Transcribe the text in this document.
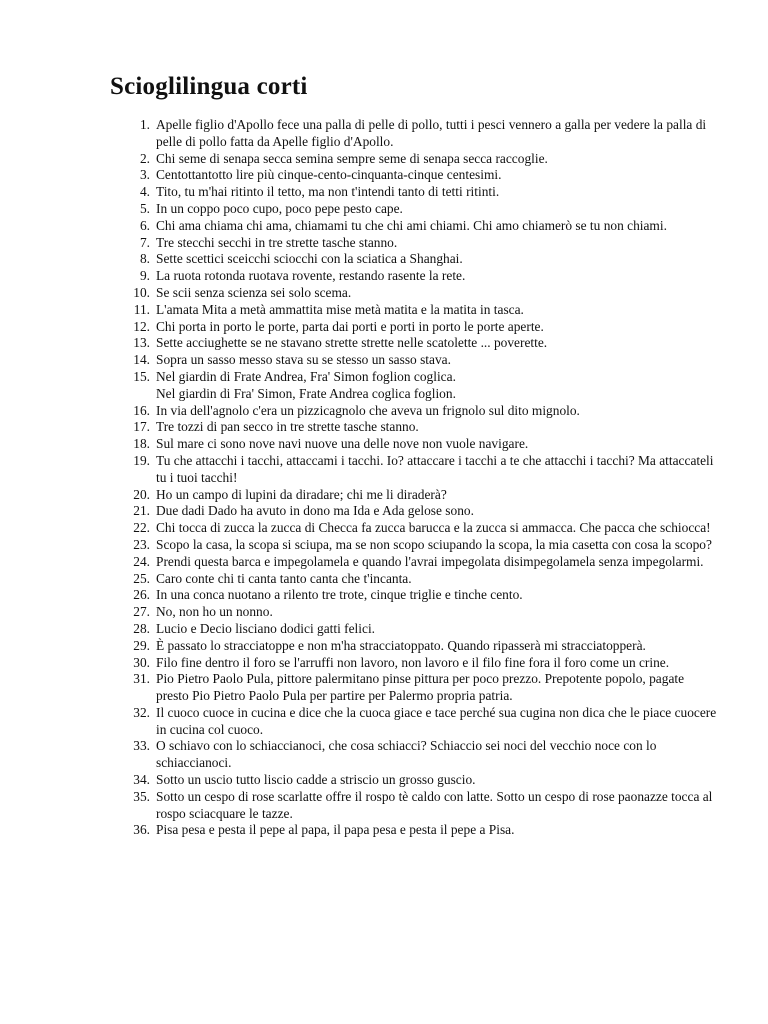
Scioglilingua corti
1. Apelle figlio d'Apollo fece una palla di pelle di pollo, tutti i pesci vennero a galla per vedere la palla di pelle di pollo fatta da Apelle figlio d'Apollo.
2. Chi seme di senapa secca semina sempre seme di senapa secca raccoglie.
3. Centottantotto lire più cinque-cento-cinquanta-cinque centesimi.
4. Tito, tu m'hai ritinto il tetto, ma non t'intendi tanto di tetti ritinti.
5. In un coppo poco cupo, poco pepe pesto cape.
6. Chi ama chiama chi ama, chiamami tu che chi ami chiami. Chi amo chiamerò se tu non chiami.
7. Tre stecchi secchi in tre strette tasche stanno.
8. Sette scettici sceicchi sciocchi con la sciatica a Shanghai.
9. La ruota rotonda ruotava rovente, restando rasente la rete.
10. Se scii senza scienza sei solo scema.
11. L'amata Mita a metà ammattita mise metà matita e la matita in tasca.
12. Chi porta in porto le porte, parta dai porti e porti in porto le porte aperte.
13. Sette acciughette se ne stavano strette strette nelle scatolette ... poverette.
14. Sopra un sasso messo stava su se stesso un sasso stava.
15. Nel giardin di Frate Andrea, Fra' Simon foglion coglica.
Nel giardin di Fra' Simon, Frate Andrea coglica foglion.
16. In via dell'agnolo c'era un pizzicagnolo che aveva un frignolo sul dito mignolo.
17. Tre tozzi di pan secco in tre strette tasche stanno.
18. Sul mare ci sono nove navi nuove una delle nove non vuole navigare.
19. Tu che attacchi i tacchi, attaccami i tacchi. Io? attaccare i tacchi a te che attacchi i tacchi? Ma attaccateli tu i tuoi tacchi!
20. Ho un campo di lupini da diradare; chi me li diraderà?
21. Due dadi Dado ha avuto in dono ma Ida e Ada gelose sono.
22. Chi tocca di zucca la zucca di Checca fa zucca barucca e la zucca si ammacca. Che pacca che schiocca!
23. Scopo la casa, la scopa si sciupa, ma se non scopo sciupando la scopa, la mia casetta con cosa la scopo?
24. Prendi questa barca e impegolamela e quando l'avrai impegolata disimpegolamela senza impegolarmi.
25. Caro conte chi ti canta tanto canta che t'incanta.
26. In una conca nuotano a rilento tre trote, cinque triglie e tinche cento.
27. No, non ho un nonno.
28. Lucio e Decio lisciano dodici gatti felici.
29. È passato lo stracciatoppe e non m'ha stracciatoppato. Quando ripasserà mi stracciatopperà.
30. Filo fine dentro il foro se l'arruffi non lavoro, non lavoro e il filo fine fora il foro come un crine.
31. Pio Pietro Paolo Pula, pittore palermitano pinse pittura per poco prezzo. Prepotente popolo, pagate presto Pio Pietro Paolo Pula per partire per Palermo propria patria.
32. Il cuoco cuoce in cucina e dice che la cuoca giace e tace perché sua cugina non dica che le piace cuocere in cucina col cuoco.
33. O schiavo con lo schiaccianoci, che cosa schiacci? Schiaccio sei noci del vecchio noce con lo schiaccianoci.
34. Sotto un uscio tutto liscio cadde a striscio un grosso guscio.
35. Sotto un cespo di rose scarlatte offre il rospo tè caldo con latte. Sotto un cespo di rose paonazze tocca al rospo sciacquare le tazze.
36. Pisa pesa e pesta il pepe al papa, il papa pesa e pesta il pepe a Pisa.
